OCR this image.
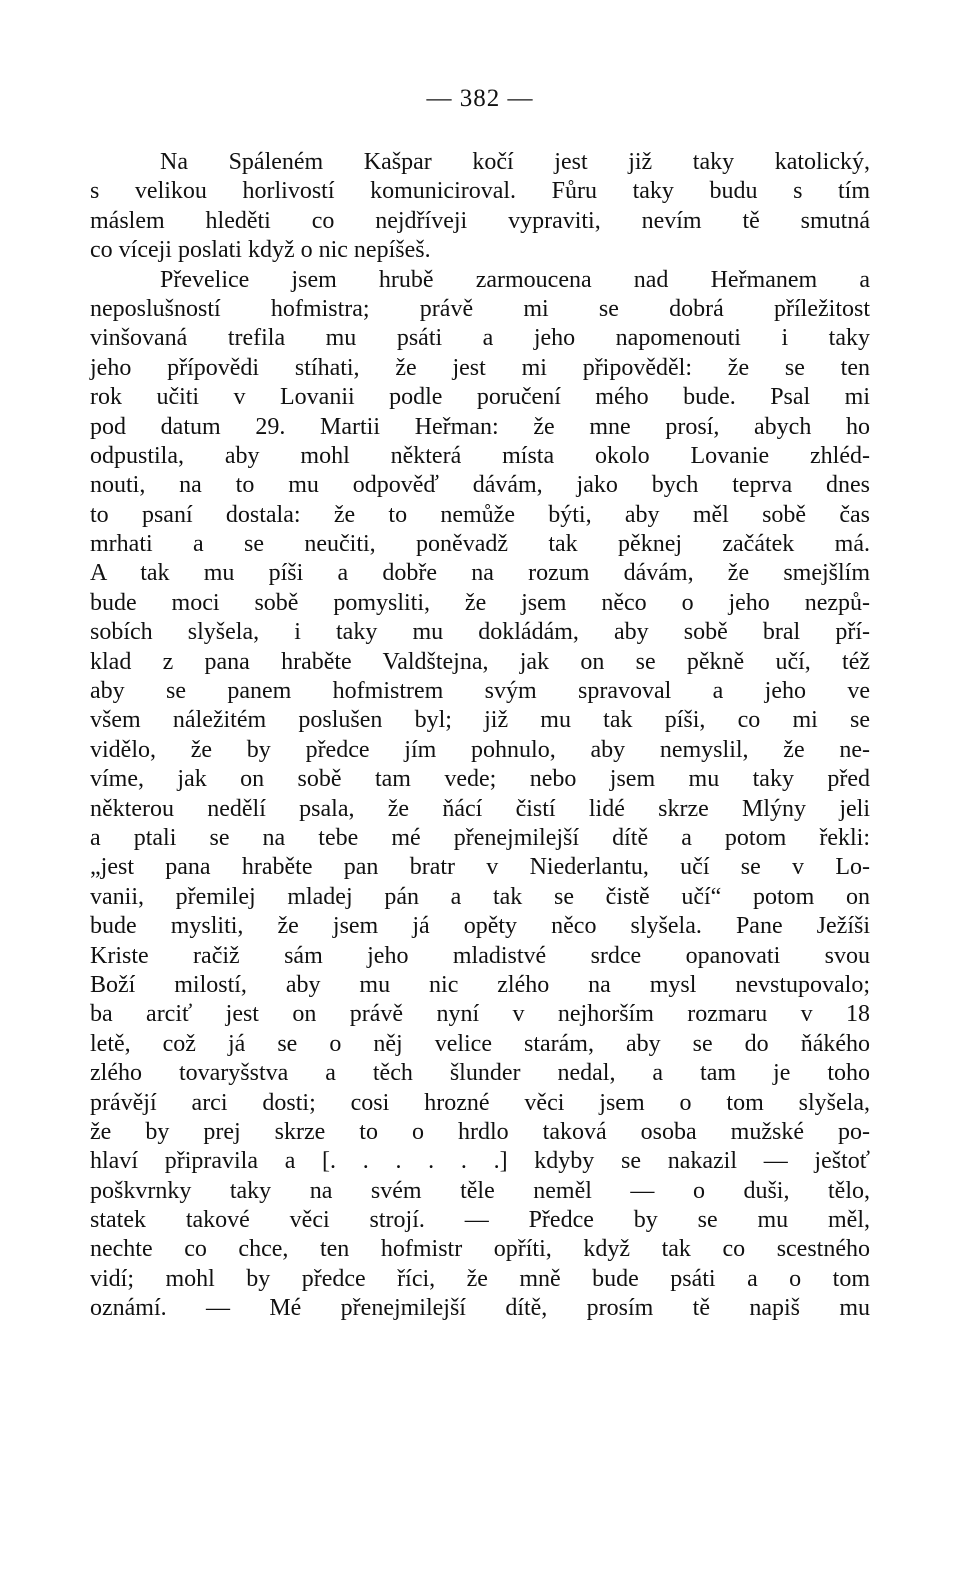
— 382 —
Na Spáleném Kašpar kočí jest již taky katolický,
s velikou horlivostí komuniciroval. Fůru taky budu s tím
máslem hleděti co nejdříveji vypraviti, nevím tě smutná
co víceji poslati když o nic nepíšeš.
Převelice jsem hrubě zarmoucena nad Heřmanem a
neposlušností hofmistra; právě mi se dobrá příležitost
vinšovaná trefila mu psáti a jeho napomenouti i taky
jeho přípovědi stíhati, že jest mi připověděl: že se ten
rok učiti v Lovanii podle poručení mého bude. Psal mi
pod datum 29. Martii Heřman: že mne prosí, abych ho
odpustila, aby mohl některá místa okolo Lovanie zhléd-
nouti, na to mu odpověď dávám, jako bych teprva dnes
to psaní dostala: že to nemůže býti, aby měl sobě čas
mrhati a se neučiti, poněvadž tak pěknej začátek má.
A tak mu píši a dobře na rozum dávám, že smejšlím
bude moci sobě pomysliti, že jsem něco o jeho nezpů-
sobích slyšela, i taky mu dokládám, aby sobě bral pří-
klad z pana hraběte Valdštejna, jak on se pěkně učí, též
aby se panem hofmistrem svým spravoval a jeho ve
všem náležitém poslušen byl; již mu tak píši, co mi se
vidělo, že by předce jím pohnulo, aby nemyslil, že ne-
víme, jak on sobě tam vede; nebo jsem mu taky před
některou nedělí psala, že ňácí čistí lidé skrze Mlýny jeli
a ptali se na tebe mé přenejmilejší dítě a potom řekli:
„jest pana hraběte pan bratr v Niederlantu, učí se v Lo-
vanii, přemilej mladej pán a tak se čistě učí“ potom on
bude mysliti, že jsem já opěty něco slyšela. Pane Ježíši
Kriste račiž sám jeho mladistvé srdce opanovati svou
Boží milostí, aby mu nic zlého na mysl nevstupovalo;
ba arciť jest on právě nyní v nejhorším rozmaru v 18
letě, což já se o něj velice starám, aby se do ňákého
zlého tovaryšstva a těch šlunder nedal, a tam je toho
právějí arci dosti; cosi hrozné věci jsem o tom slyšela,
že by prej skrze to o hrdlo taková osoba mužské po-
hlaví připravila a [. . . . . .] kdyby se nakazil — ještoť
poškvrnky taky na svém těle neměl — o duši, tělo,
statek takové věci strojí. — Předce by se mu měl,
nechte co chce, ten hofmistr opříti, když tak co scestného
vidí; mohl by předce říci, že mně bude psáti a o tom
oznámí. — Mé přenejmilejší dítě, prosím tě napiš mu
